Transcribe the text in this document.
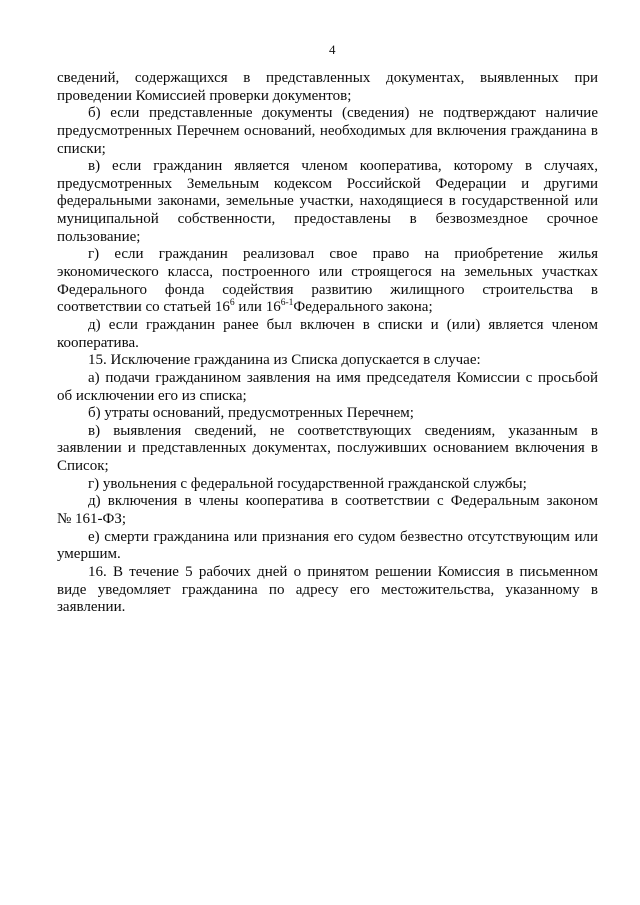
4
сведений, содержащихся в представленных документах, выявленных при
проведении Комиссией проверки документов;
б) если представленные документы (сведения) не подтверждают наличие
предусмотренных Перечнем оснований, необходимых для включения гражданина в
списки;
в) если гражданин является членом кооператива, которому в случаях,
предусмотренных Земельным кодексом Российской Федерации и другими
федеральными законами, земельные участки, находящиеся в государственной или
муниципальной собственности, предоставлены в безвозмездное срочное
пользование;
г) если гражданин реализовал свое право на приобретение жилья
экономического класса, построенного или строящегося на земельных участках
Федерального фонда содействия развитию жилищного строительства в
соответствии со статьей $16^6$ или 16$^{6-1}$Федерального закона;
д) если гражданин ранее был включен в списки и (или) является членом
кооператива.
15. Исключение гражданина из Списка допускается в случае:
а) подачи гражданином заявления на имя председателя Комиссии с просьбой
об исключении его из списка;
б) утраты оснований, предусмотренных Перечнем;
в) выявления сведений, не соответствующих сведениям, указанным в
заявлении и представленных документах, послуживших основанием включения в
Список;
г) увольнения с федеральной государственной гражданской службы;
д) включения в члены кооператива в соответствии с Федеральным законом
№ 161-ФЗ;
е) смерти гражданина или признания его судом безвестно отсутствующим или
умершим.
16. В течение 5 рабочих дней о принятом решении Комиссия в письменном
виде уведомляет гражданина по адресу его местожительства, указанному в
заявлении.
